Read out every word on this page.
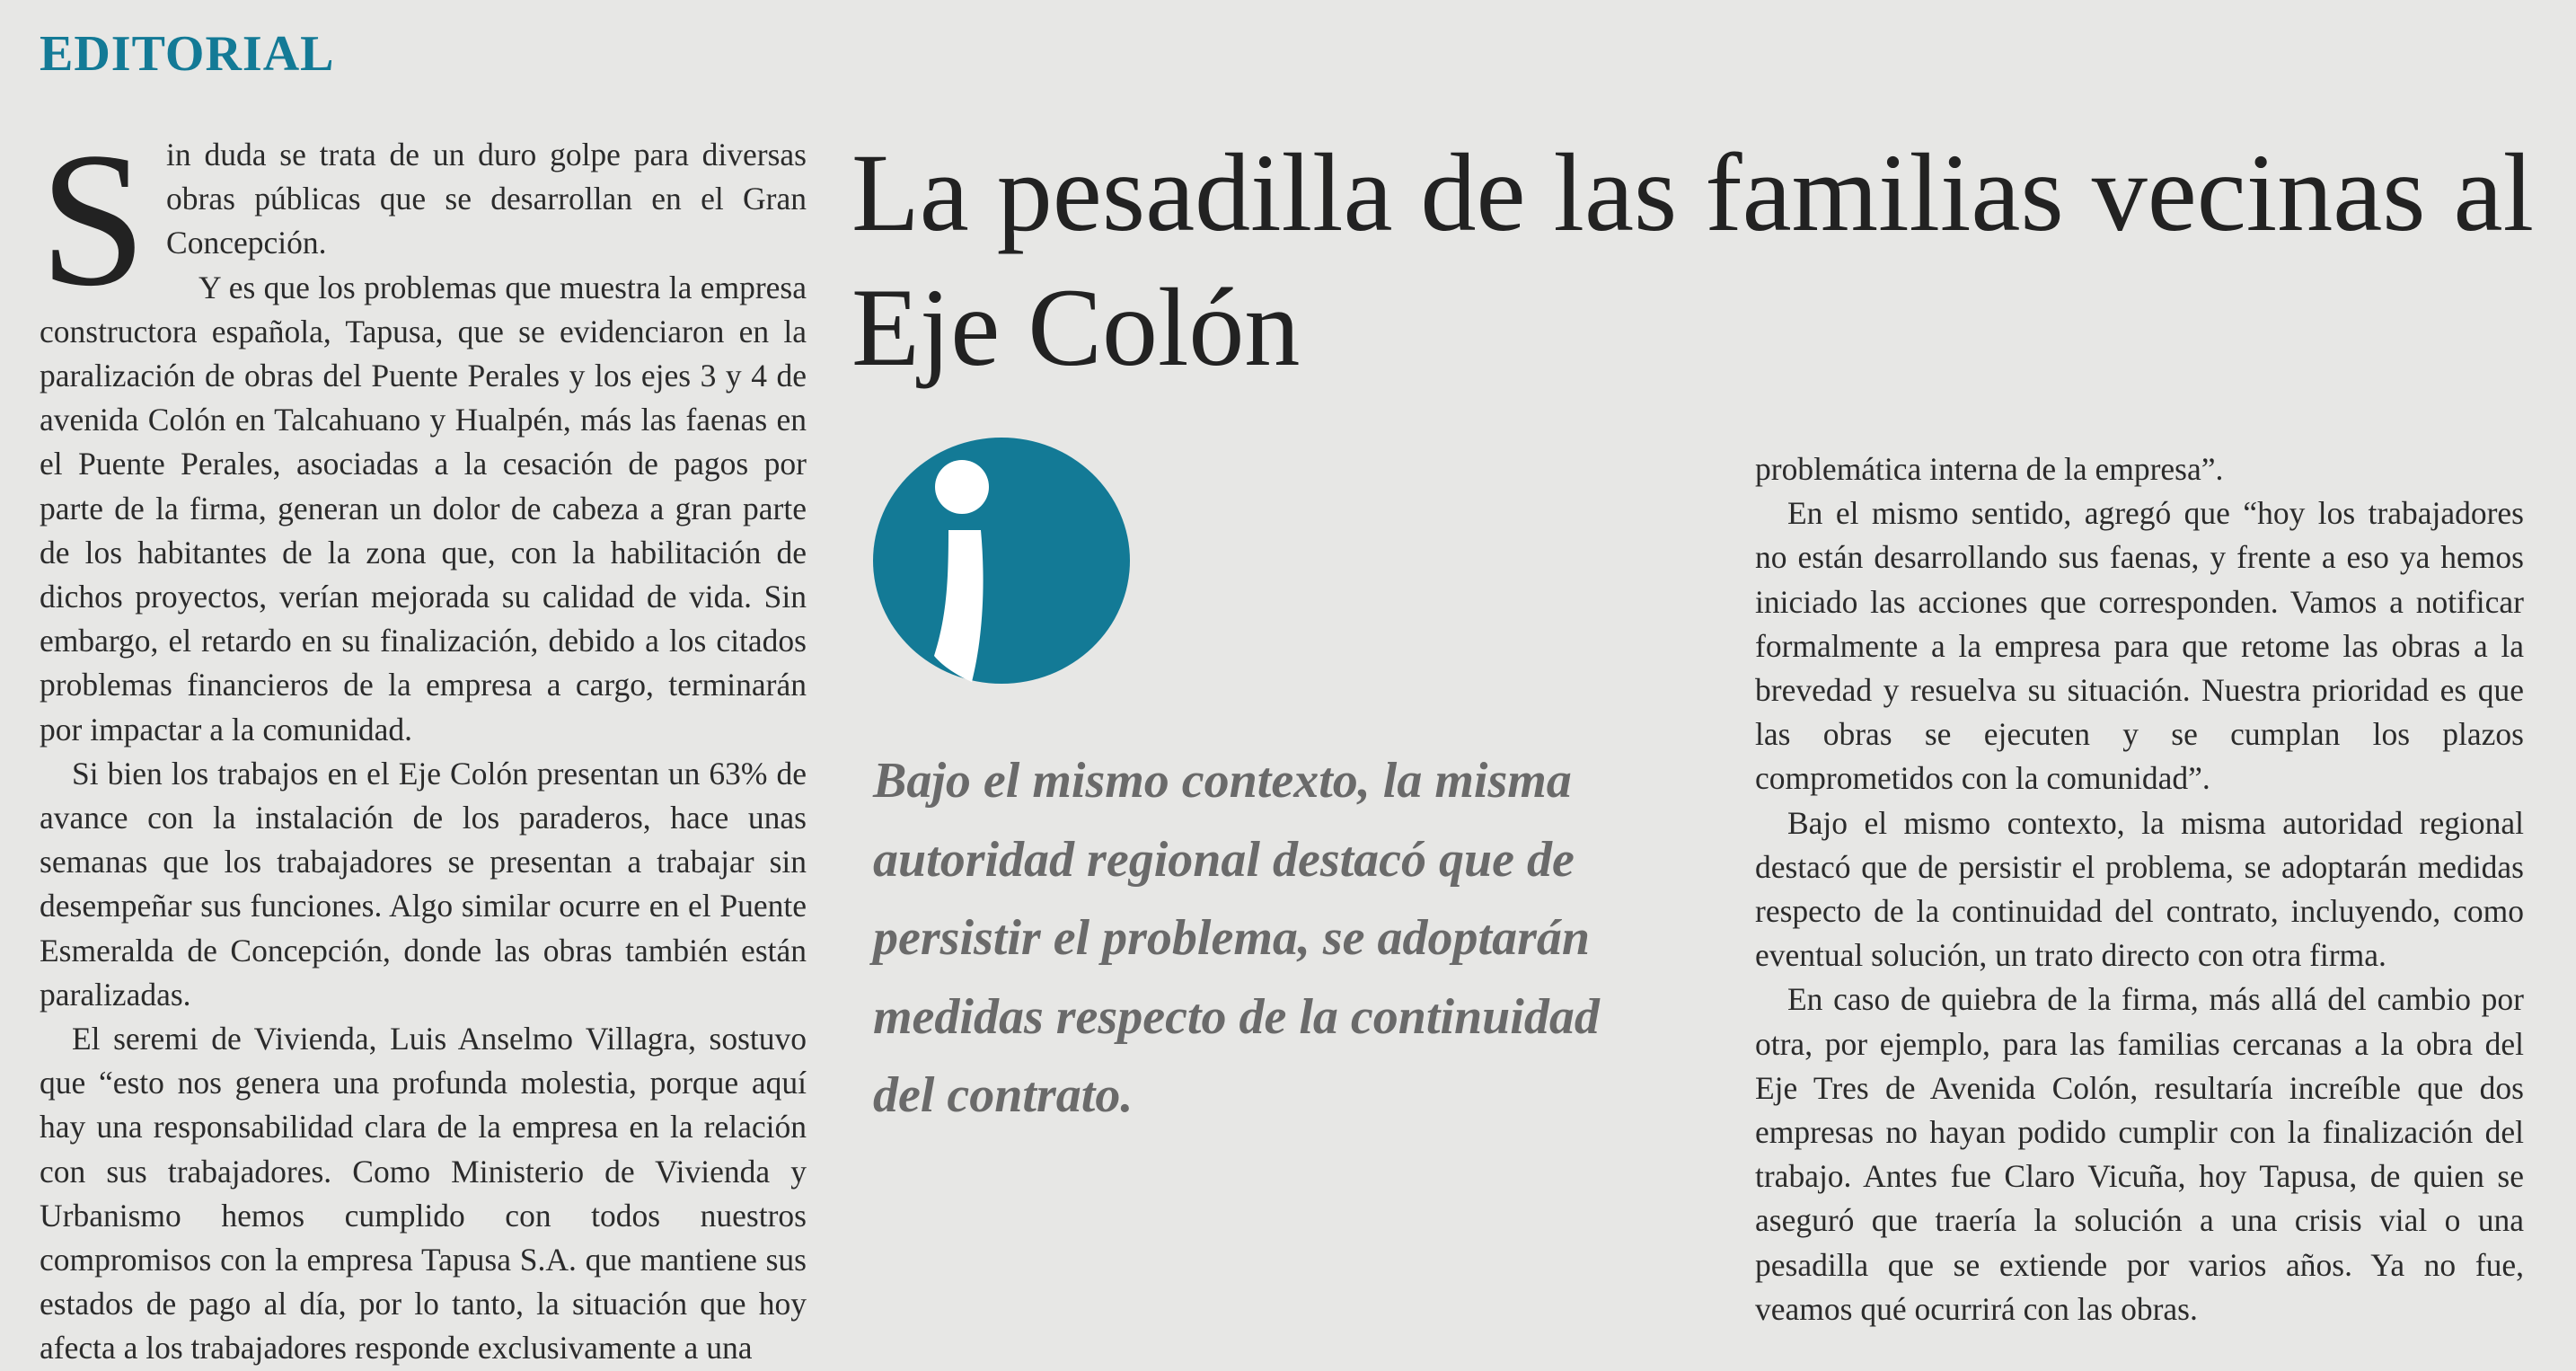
EDITORIAL

Sin duda se trata de un duro golpe para diversas obras públicas que se desarrollan en el Gran Concepción.

Y es que los problemas que muestra la empresa constructora española, Tapusa, que se evidenciaron en la paralización de obras del Puente Perales y los ejes 3 y 4 de avenida Colón en Talcahuano y Hualpén, más las faenas en el Puente Perales, asociadas a la cesación de pagos por parte de la firma, generan un dolor de cabeza a gran parte de los habitantes de la zona que, con la habilitación de dichos proyectos, verían mejorada su calidad de vida. Sin embargo, el retardo en su finalización, debido a los citados problemas financieros de la empresa a cargo, terminarán por impactar a la comunidad.

Si bien los trabajos en el Eje Colón presentan un 63% de avance con la instalación de los paraderos, hace unas semanas que los trabajadores se presentan a trabajar sin desempeñar sus funciones. Algo similar ocurre en el Puente Esmeralda de Concepción, donde las obras también están paralizadas.

El seremi de Vivienda, Luis Anselmo Villagra, sostuvo que “esto nos genera una profunda molestia, porque aquí hay una responsabilidad clara de la empresa en la relación con sus trabajadores. Como Ministerio de Vivienda y Urbanismo hemos cumplido con todos nuestros compromisos con la empresa Tapusa S.A. que mantiene sus estados de pago al día, por lo tanto, la situación que hoy afecta a los trabajadores responde exclusivamente a una

La pesadilla de las familias vecinas al Eje Colón

Bajo el mismo contexto, la misma autoridad regional destacó que de persistir el problema, se adoptarán medidas respecto de la continuidad del contrato.

problemática interna de la empresa”.

En el mismo sentido, agregó que “hoy los trabajadores no están desarrollando sus faenas, y frente a eso ya hemos iniciado las acciones que corresponden. Vamos a notificar formalmente a la empresa para que retome las obras a la brevedad y resuelva su situación. Nuestra prioridad es que las obras se ejecuten y se cumplan los plazos comprometidos con la comunidad”.

Bajo el mismo contexto, la misma autoridad regional destacó que de persistir el problema, se adoptarán medidas respecto de la continuidad del contrato, incluyendo, como eventual solución, un trato directo con otra firma.

En caso de quiebra de la firma, más allá del cambio por otra, por ejemplo, para las familias cercanas a la obra del Eje Tres de Avenida Colón, resultaría increíble que dos empresas no hayan podido cumplir con la finalización del trabajo. Antes fue Claro Vicuña, hoy Tapusa, de quien se aseguró que traería la solución a una crisis vial o una pesadilla que se extiende por varios años. Ya no fue, veamos qué ocurrirá con las obras.
